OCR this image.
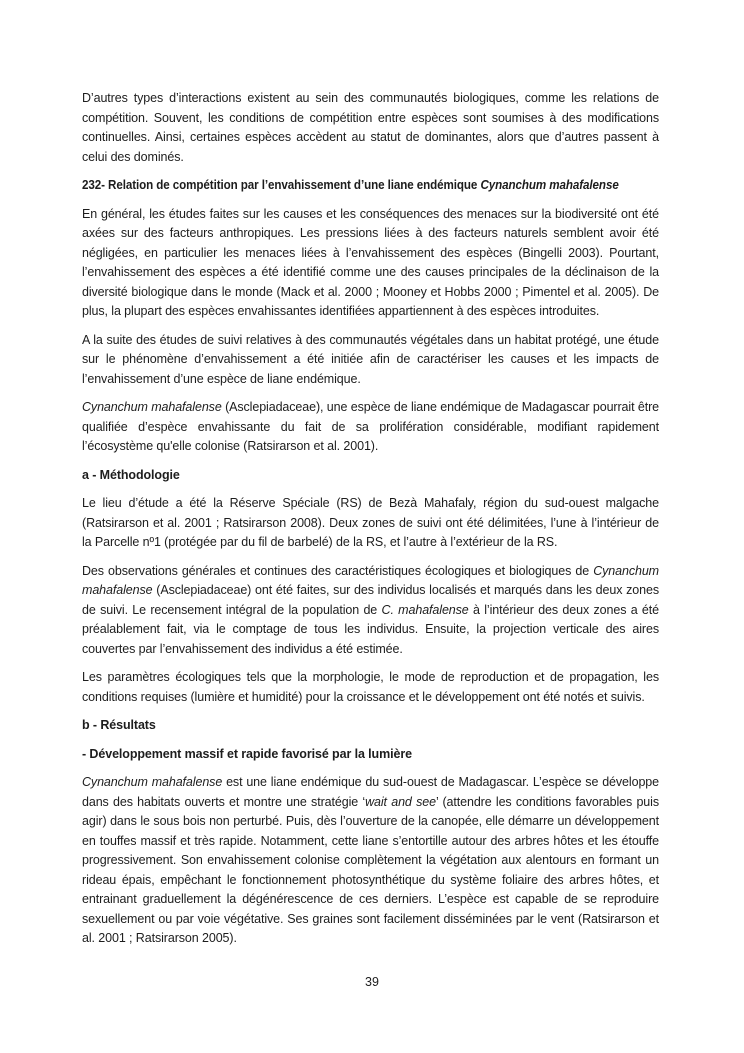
D’autres types d’interactions existent au sein des communautés biologiques, comme les relations de compétition. Souvent, les conditions de compétition entre espèces sont soumises à des modifications continuelles. Ainsi, certaines espèces accèdent au statut de dominantes, alors que d’autres passent à celui des dominés.

232- Relation de compétition par l’envahissement d’une liane endémique Cynanchum mahafalense

En général, les études faites sur les causes et les conséquences des menaces sur la biodiversité ont été axées sur des facteurs anthropiques. Les pressions liées à des facteurs naturels semblent avoir été négligées, en particulier les menaces liées à l’envahissement des espèces (Bingelli 2003). Pourtant, l’envahissement des espèces a été identifié comme une des causes principales de la déclinaison de la diversité biologique dans le monde (Mack et al. 2000 ; Mooney et Hobbs 2000 ; Pimentel et al. 2005). De plus, la plupart des espèces envahissantes identifiées appartiennent à des espèces introduites.

A la suite des études de suivi relatives à des communautés végétales dans un habitat protégé, une étude sur le phénomène d’envahissement a été initiée afin de caractériser les causes et les impacts de l’envahissement d’une espèce de liane endémique.

Cynanchum mahafalense (Asclepiadaceae), une espèce de liane endémique de Madagascar pourrait être qualifiée d’espèce envahissante du fait de sa prolifération considérable, modifiant rapidement l’écosystème qu'elle colonise (Ratsirarson et al. 2001).

a - Méthodologie

Le lieu d’étude a été la Réserve Spéciale (RS) de Bezà Mahafaly, région du sud-ouest malgache (Ratsirarson et al. 2001 ; Ratsirarson 2008). Deux zones de suivi ont été délimitées, l’une à l’intérieur de la Parcelle nº1 (protégée par du fil de barbelé) de la RS, et l’autre à l’extérieur de la RS.

Des observations générales et continues des caractéristiques écologiques et biologiques de Cynanchum mahafalense (Asclepiadaceae) ont été faites, sur des individus localisés et marqués dans les deux zones de suivi. Le recensement intégral de la population de C. mahafalense à l’intérieur des deux zones a été préalablement fait, via le comptage de tous les individus. Ensuite, la projection verticale des aires couvertes par l’envahissement des individus a été estimée.

Les paramètres écologiques tels que la morphologie, le mode de reproduction et de propagation, les conditions requises (lumière et humidité) pour la croissance et le développement ont été notés et suivis.

b - Résultats

- Développement massif et rapide favorisé par la lumière

Cynanchum mahafalense est une liane endémique du sud-ouest de Madagascar. L’espèce se développe dans des habitats ouverts et montre une stratégie ‘wait and see’ (attendre les conditions favorables puis agir) dans le sous bois non perturbé. Puis, dès l’ouverture de la canopée, elle démarre un développement en touffes massif et très rapide. Notamment, cette liane s’entortille autour des arbres hôtes et les étouffe progressivement. Son envahissement colonise complètement la végétation aux alentours en formant un rideau épais, empêchant le fonctionnement photosynthétique du système foliaire des arbres hôtes, et entrainant graduellement la dégénérescence de ces derniers. L’espèce est capable de se reproduire sexuellement ou par voie végétative. Ses graines sont facilement disséminées par le vent (Ratsirarson et al. 2001 ; Ratsirarson 2005).

39
